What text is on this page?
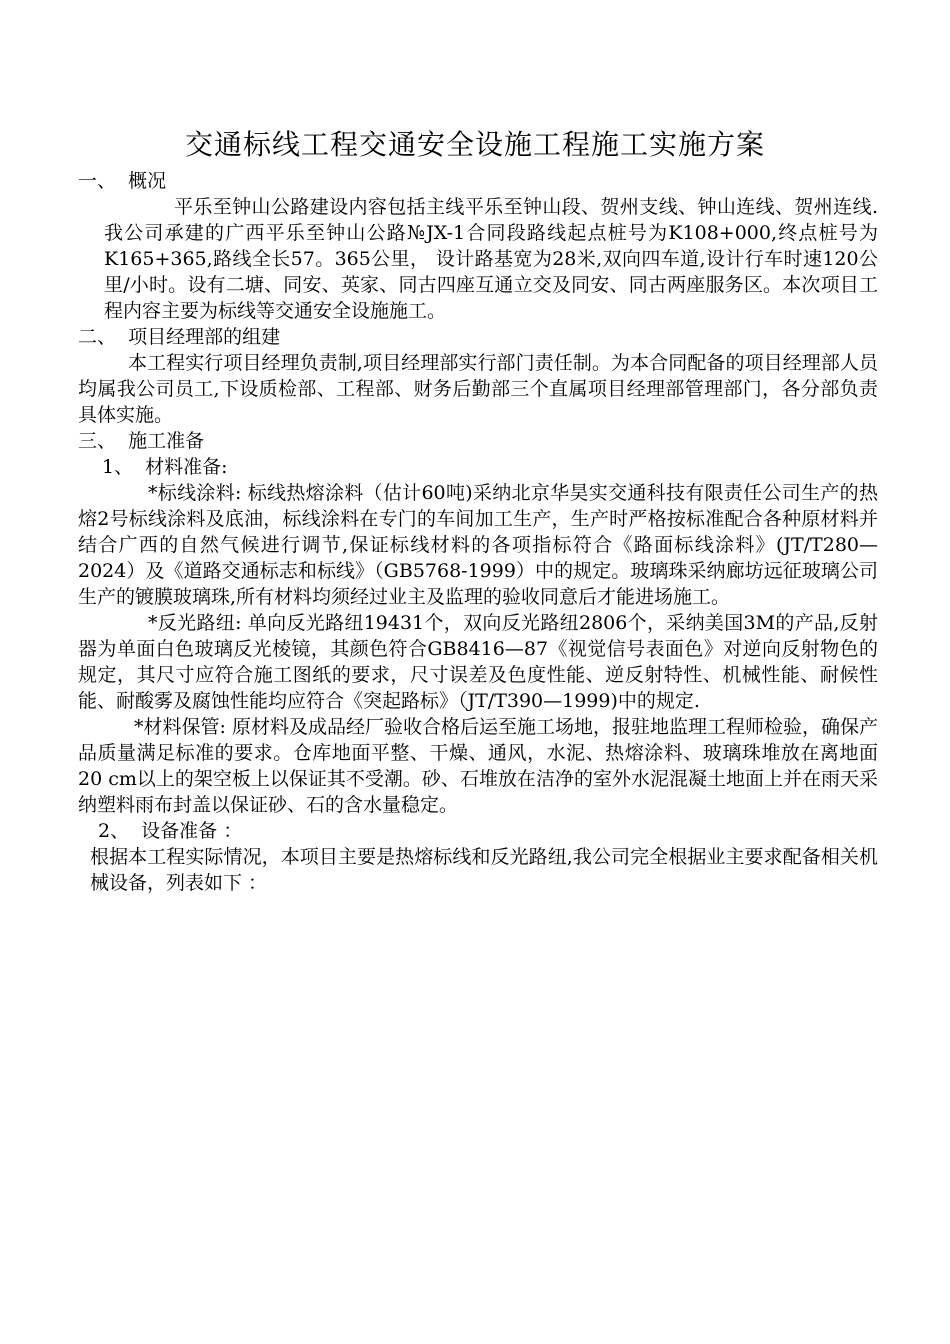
交通标线工程交通安全设施工程施工实施方案
一、  概况

平乐至钟山公路建设内容包括主线平乐至钟山段、贺州支线、钟山连线、贺州连线.我公司承建的广西平乐至钟山公路№JX-1合同段路线起点桩号为K108+000,终点桩号为K165+365,路线全长57。365公里， 设计路基宽为28米,双向四车道,设计行车时速120公里/小时。设有二塘、同安、英家、同古四座互通立交及同安、同古两座服务区。本次项目工程内容主要为标线等交通安全设施施工。

二、  项目经理部的组建

本工程实行项目经理负责制,项目经理部实行部门责任制。为本合同配备的项目经理部人员均属我公司员工,下设质检部、工程部、财务后勤部三个直属项目经理部管理部门，各分部负责具体实施。

三、  施工准备
1、  材料准备:

*标线涂料: 标线热熔涂料（估计60吨)采纳北京华昊实交通科技有限责任公司生产的热熔2号标线涂料及底油，标线涂料在专门的车间加工生产，生产时严格按标准配合各种原材料并结合广西的自然气候进行调节,保证标线材料的各项指标符合《路面标线涂料》(JT/T280—2024）及《道路交通标志和标线》（GB5768-1999）中的规定。玻璃珠采纳廊坊远征玻璃公司生产的镀膜玻璃珠,所有材料均须经过业主及监理的验收同意后才能进场施工。

*反光路纽: 单向反光路纽19431个，双向反光路纽2806个，采纳美国3M的产品,反射器为单面白色玻璃反光棱镜，其颜色符合GB8416—87《视觉信号表面色》对逆向反射物色的规定，其尺寸应符合施工图纸的要求，尺寸误差及色度性能、逆反射特性、机械性能、耐候性能、耐酸雾及腐蚀性能均应符合《突起路标》（JT/T390—1999)中的规定.

*材料保管: 原材料及成品经厂验收合格后运至施工场地，报驻地监理工程师检验，确保产品质量满足标准的要求。仓库地面平整、干燥、通风，水泥、热熔涂料、玻璃珠堆放在离地面20 cm以上的架空板上以保证其不受潮。砂、石堆放在洁净的室外水泥混凝土地面上并在雨天采纳塑料雨布封盖以保证砂、石的含水量稳定。

2、  设备准备 ：

根据本工程实际情况，本项目主要是热熔标线和反光路纽,我公司完全根据业主要求配备相关机械设备，列表如下 ：
